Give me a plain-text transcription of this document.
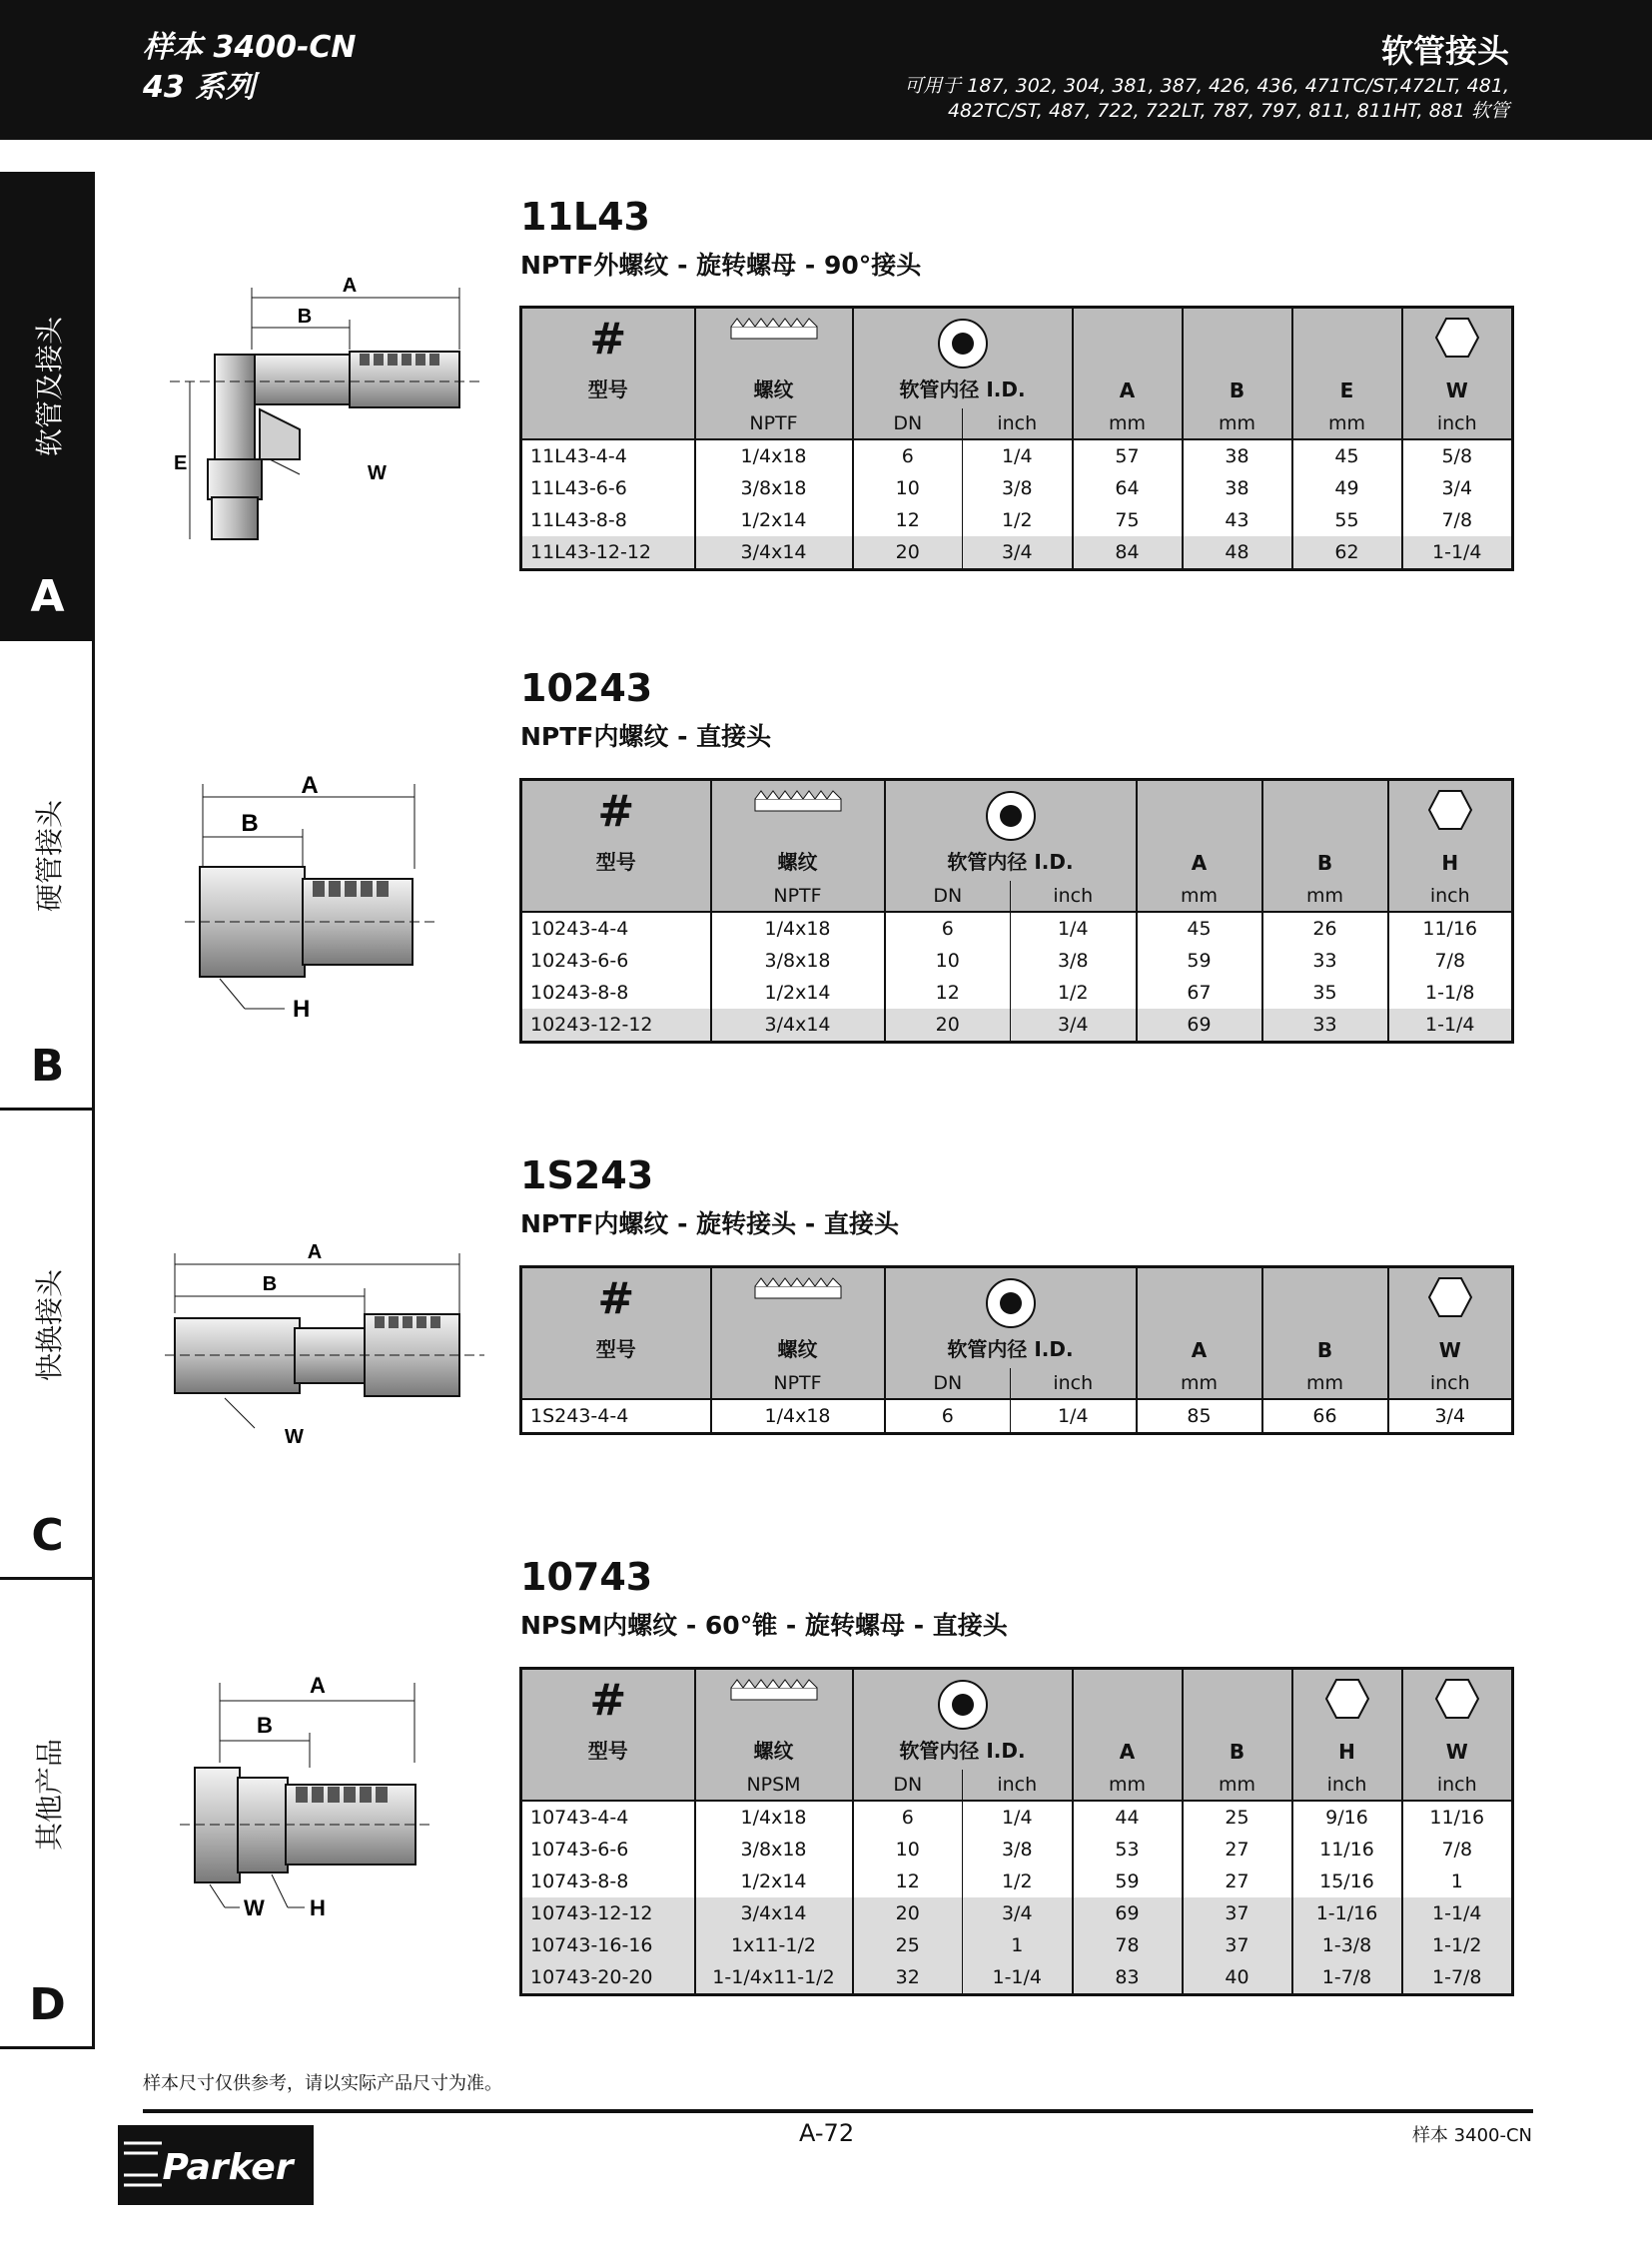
样本 3400-CN
43 系列
软管接头
可用于 187, 302, 304, 381, 387, 426, 436, 471TC/ST,472LT, 481,
482TC/ST, 487, 722, 722LT, 787, 797, 811, 811HT, 881 软管
软管及接头
A
硬管接头
B
快换接头
C
其他产品
D
11L43
NPTF外螺纹 - 旋转螺母 - 90°接头
A
B
E	W
#
型号	螺纹	软管内径 I.D.		A	B	E	W
	NPTF	DN	inch	mm	mm	mm	inch
11L43-4-4	1/4x18	6	1/4	57	38	45	5/8
11L43-6-6	3/8x18	10	3/8	64	38	49	3/4
11L43-8-8	1/2x14	12	1/2	75	43	55	7/8
11L43-12-12	3/4x14	20	3/4	84	48	62	1-1/4
10243
NPTF内螺纹 - 直接头
A
B
H
#
型号	螺纹	软管内径 I.D.		A	B	H
	NPTF	DN	inch	mm	mm	inch
10243-4-4	1/4x18	6	1/4	45	26	11/16
10243-6-6	3/8x18	10	3/8	59	33	7/8
10243-8-8	1/2x14	12	1/2	67	35	1-1/8
10243-12-12	3/4x14	20	3/4	69	33	1-1/4
1S243
NPTF内螺纹 - 旋转接头 - 直接头
A
B
W
#
型号	螺纹	软管内径 I.D.		A	B	W
	NPTF	DN	inch	mm	mm	inch
1S243-4-4	1/4x18	6	1/4	85	66	3/4
10743
NPSM内螺纹 - 60°锥 - 旋转螺母 - 直接头
A
B
W H
#
型号	螺纹	软管内径 I.D.		A	B	H	W
	NPSM	DN	inch	mm	mm	inch	inch
10743-4-4	1/4x18	6	1/4	44	25	9/16	11/16
10743-6-6	3/8x18	10	3/8	53	27	11/16	7/8
10743-8-8	1/2x14	12	1/2	59	27	15/16	1
10743-12-12	3/4x14	20	3/4	69	37	1-1/16	1-1/4
10743-16-16	1x11-1/2	25	1	78	37	1-3/8	1-1/2
10743-20-20	1-1/4x11-1/2	32	1-1/4	83	40	1-7/8	1-7/8
样本尺寸仅供参考，请以实际产品尺寸为准。
A-72	样本 3400-CN
Parker
